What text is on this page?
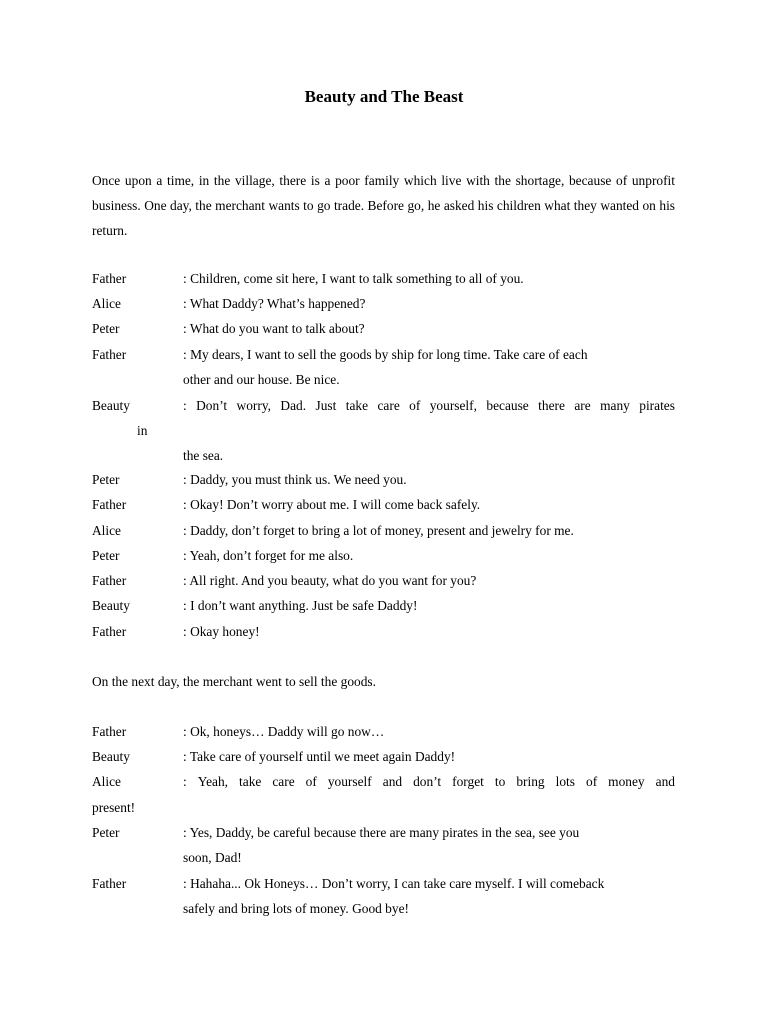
Beauty and The Beast
Once upon a time, in the village, there is a poor family which live with the shortage, because of unprofit business. One day, the merchant wants to go trade. Before go, he asked his children what they wanted on his return.
Father	: Children, come sit here, I want to talk something to all of you.
Alice	: What Daddy? What’s happened?
Peter	: What do you want to talk about?
Father	: My dears, I want to sell the goods by ship for long time. Take care of each
other and our house. Be nice.
Beauty	: Don’t worry, Dad. Just take care of yourself, because there are many pirates
in
the sea.
Peter	: Daddy, you must think us. We need you.
Father	: Okay! Don’t worry about me. I will come back safely.
Alice	: Daddy, don’t forget to bring a lot of money, present and jewelry for me.
Peter	: Yeah, don’t forget for me also.
Father	: All right. And you beauty, what do you want for you?
Beauty	: I don’t want anything. Just be safe Daddy!
Father	: Okay honey!
On the next day, the merchant went to sell the goods.
Father	: Ok, honeys… Daddy will go now…
Beauty	: Take care of yourself until we meet again Daddy!
Alice	: Yeah, take care of yourself and don’t forget to bring lots of money and
present!
Peter	: Yes, Daddy, be careful because there are many pirates in the sea, see you
soon, Dad!
Father	: Hahaha... Ok Honeys… Don’t worry, I can take care myself. I will comeback
safely and bring lots of money. Good bye!
